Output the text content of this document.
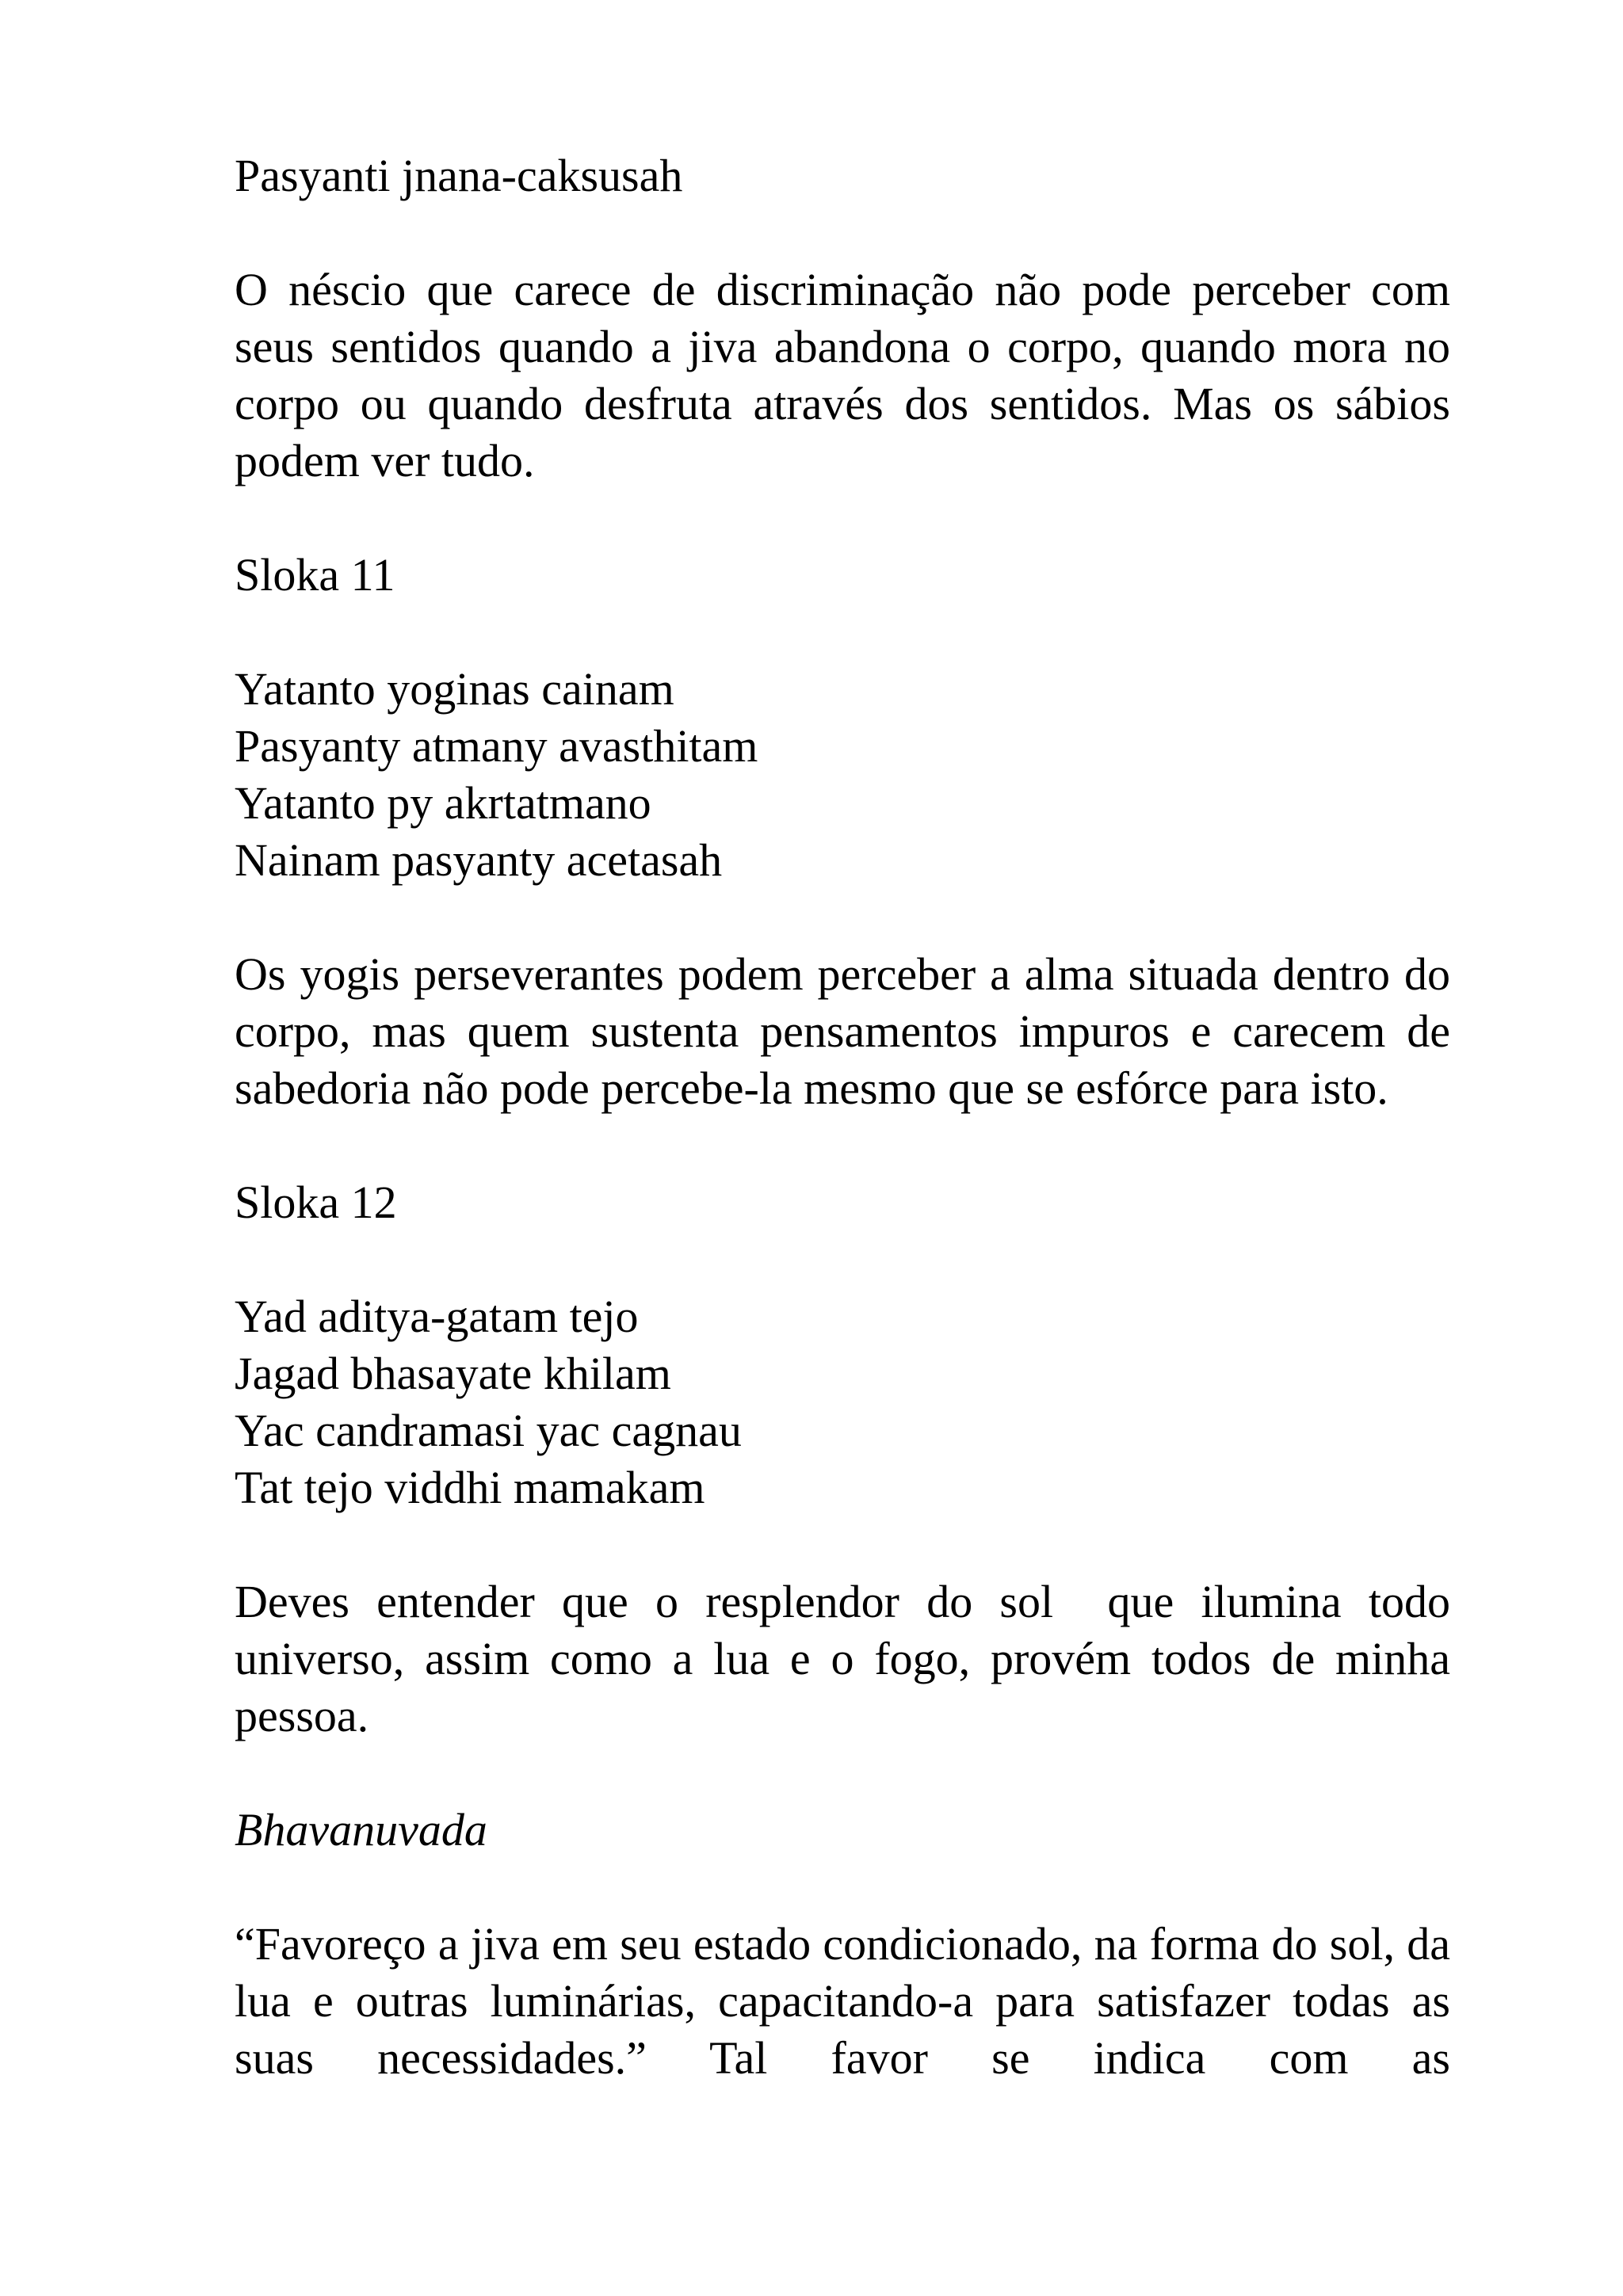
Pasyanti jnana-caksusah

O néscio que carece de discriminação não pode perceber com seus sentidos quando a jiva abandona o corpo, quando mora no corpo ou quando desfruta através dos sentidos. Mas os sábios podem ver tudo.

Sloka 11

Yatanto yoginas cainam

Pasyanty atmany avasthitam

Yatanto py akrtatmano

Nainam pasyanty acetasah

Os yogis perseverantes podem perceber a alma situada dentro do corpo, mas quem sustenta pensamentos impuros e carecem de sabedoria não pode percebe-la mesmo que se esfórce para isto.

Sloka 12

Yad aditya-gatam tejo

Jagad bhasayate khilam

Yac candramasi yac cagnau

Tat tejo viddhi mamakam

Deves entender que o resplendor do sol  que ilumina todo universo, assim como a lua e o fogo, provém todos de minha pessoa.

Bhavanuvada

“Favoreço a jiva em seu estado condicionado, na forma do sol, da lua e outras luminárias, capacitando-a para satisfazer todas as suas necessidades.” Tal favor se indica com as
